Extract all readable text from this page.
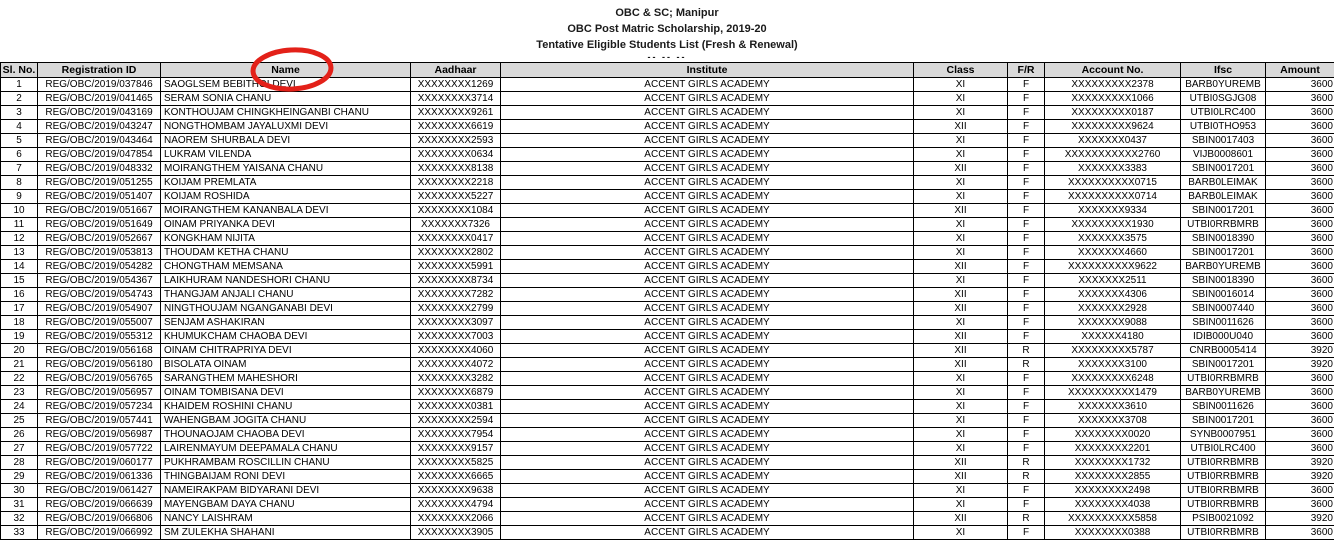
OBC & SC; Manipur
OBC Post Matric Scholarship, 2019-20
Tentative Eligible Students List (Fresh & Renewal)
-- -- --
Sl. No.	Registration ID	Name	Aadhaar	Institute	Class	F/R	Account No.	Ifsc	Amount
1	REG/OBC/2019/037846	SAOGLSEM BEBITHOI DEVI	XXXXXXXX1269	ACCENT GIRLS ACADEMY	XI	F	XXXXXXXXX2378	BARB0YUREMB	3600
2	REG/OBC/2019/041465	SERAM SONIA CHANU	XXXXXXXX3714	ACCENT GIRLS ACADEMY	XI	F	XXXXXXXXX1066	UTBI0SGJG08	3600
3	REG/OBC/2019/043169	KONTHOUJAM CHINGKHEINGANBI CHANU	XXXXXXXX9261	ACCENT GIRLS ACADEMY	XI	F	XXXXXXXXX0187	UTBI0LRC400	3600
4	REG/OBC/2019/043247	NONGTHOMBAM JAYALUXMI DEVI	XXXXXXXX6619	ACCENT GIRLS ACADEMY	XII	F	XXXXXXXXX9624	UTBI0THO953	3600
5	REG/OBC/2019/043464	NAOREM SHURBALA DEVI	XXXXXXXX2593	ACCENT GIRLS ACADEMY	XI	F	XXXXXXX0437	SBIN0017403	3600
6	REG/OBC/2019/047854	LUKRAM VILENDA	XXXXXXXX0634	ACCENT GIRLS ACADEMY	XI	F	XXXXXXXXXXX2760	VIJB0008601	3600
7	REG/OBC/2019/048332	MOIRANGTHEM YAISANA CHANU	XXXXXXXX8138	ACCENT GIRLS ACADEMY	XII	F	XXXXXXX3383	SBIN0017201	3600
8	REG/OBC/2019/051255	KOIJAM PREMLATA	XXXXXXXX2218	ACCENT GIRLS ACADEMY	XI	F	XXXXXXXXXX0715	BARB0LEIMAK	3600
9	REG/OBC/2019/051407	KOIJAM ROSHIDA	XXXXXXXX5227	ACCENT GIRLS ACADEMY	XI	F	XXXXXXXXXX0714	BARB0LEIMAK	3600
10	REG/OBC/2019/051667	MOIRANGTHEM KANANBALA DEVI	XXXXXXXX1084	ACCENT GIRLS ACADEMY	XII	F	XXXXXXX9334	SBIN0017201	3600
11	REG/OBC/2019/051649	OINAM PRIYANKA DEVI	XXXXXXX7326	ACCENT GIRLS ACADEMY	XI	F	XXXXXXXXX1930	UTBI0RRBMRB	3600
12	REG/OBC/2019/052667	KONGKHAM NIJITA	XXXXXXXX0417	ACCENT GIRLS ACADEMY	XI	F	XXXXXXX3575	SBIN0018390	3600
13	REG/OBC/2019/053813	THOUDAM KETHA CHANU	XXXXXXXX2802	ACCENT GIRLS ACADEMY	XI	F	XXXXXXX4660	SBIN0017201	3600
14	REG/OBC/2019/054282	CHONGTHAM MEMSANA	XXXXXXXX5991	ACCENT GIRLS ACADEMY	XII	F	XXXXXXXXXX9622	BARB0YUREMB	3600
15	REG/OBC/2019/054367	LAIKHURAM NANDESHORI CHANU	XXXXXXXX8734	ACCENT GIRLS ACADEMY	XI	F	XXXXXXX2511	SBIN0018390	3600
16	REG/OBC/2019/054743	THANGJAM ANJALI CHANU	XXXXXXXX7282	ACCENT GIRLS ACADEMY	XII	F	XXXXXXX4306	SBIN0016014	3600
17	REG/OBC/2019/054907	NINGTHOUJAM NGANGANABI DEVI	XXXXXXXX2799	ACCENT GIRLS ACADEMY	XII	F	XXXXXXX2928	SBIN0007440	3600
18	REG/OBC/2019/055007	SENJAM ASHAKIRAN	XXXXXXXX3097	ACCENT GIRLS ACADEMY	XI	F	XXXXXXX9088	SBIN0011626	3600
19	REG/OBC/2019/055312	KHUMUKCHAM CHAOBA DEVI	XXXXXXXX7003	ACCENT GIRLS ACADEMY	XII	F	XXXXXX4180	IDIB000U040	3600
20	REG/OBC/2019/056168	OINAM CHITRAPRIYA DEVI	XXXXXXXX4060	ACCENT GIRLS ACADEMY	XII	R	XXXXXXXXX5787	CNRB0005414	3920
21	REG/OBC/2019/056180	BISOLATA OINAM	XXXXXXXX4072	ACCENT GIRLS ACADEMY	XII	R	XXXXXXX3100	SBIN0017201	3920
22	REG/OBC/2019/056765	SARANGTHEM MAHESHORI	XXXXXXXX3282	ACCENT GIRLS ACADEMY	XI	F	XXXXXXXXX6248	UTBI0RRBMRB	3600
23	REG/OBC/2019/056957	OINAM TOMBISANA DEVI	XXXXXXXX6879	ACCENT GIRLS ACADEMY	XI	F	XXXXXXXXXX1479	BARB0YUREMB	3600
24	REG/OBC/2019/057234	KHAIDEM ROSHINI CHANU	XXXXXXXX0381	ACCENT GIRLS ACADEMY	XI	F	XXXXXXX3610	SBIN0011626	3600
25	REG/OBC/2019/057441	WAHENGBAM JOGITA CHANU	XXXXXXXX2594	ACCENT GIRLS ACADEMY	XI	F	XXXXXXX3708	SBIN0017201	3600
26	REG/OBC/2019/056987	THOUNAOJAM CHAOBA DEVI	XXXXXXXX7954	ACCENT GIRLS ACADEMY	XI	F	XXXXXXXX0020	SYNB0007951	3600
27	REG/OBC/2019/057722	LAIRENMAYUM DEEPAMALA CHANU	XXXXXXXX9157	ACCENT GIRLS ACADEMY	XI	F	XXXXXXXX2201	UTBI0LRC400	3600
28	REG/OBC/2019/060177	PUKHRAMBAM ROSCILLIN CHANU	XXXXXXXX5825	ACCENT GIRLS ACADEMY	XII	R	XXXXXXXX1732	UTBI0RRBMRB	3920
29	REG/OBC/2019/061336	THINGBAIJAM RONI DEVI	XXXXXXXX6665	ACCENT GIRLS ACADEMY	XII	R	XXXXXXXX2855	UTBI0RRBMRB	3920
30	REG/OBC/2019/061427	NAMEIRAKPAM BIDYARANI DEVI	XXXXXXXX9638	ACCENT GIRLS ACADEMY	XI	F	XXXXXXXX2498	UTBI0RRBMRB	3600
31	REG/OBC/2019/066639	MAYENGBAM DAYA CHANU	XXXXXXXX4794	ACCENT GIRLS ACADEMY	XI	F	XXXXXXXX4038	UTBI0RRBMRB	3600
32	REG/OBC/2019/066806	NANCY LAISHRAM	XXXXXXXX2066	ACCENT GIRLS ACADEMY	XII	R	XXXXXXXXXX5858	PSIB0021092	3920
33	REG/OBC/2019/066992	SM ZULEKHA SHAHANI	XXXXXXXX3905	ACCENT GIRLS ACADEMY	XI	F	XXXXXXXX0388	UTBI0RRBMRB	3600
